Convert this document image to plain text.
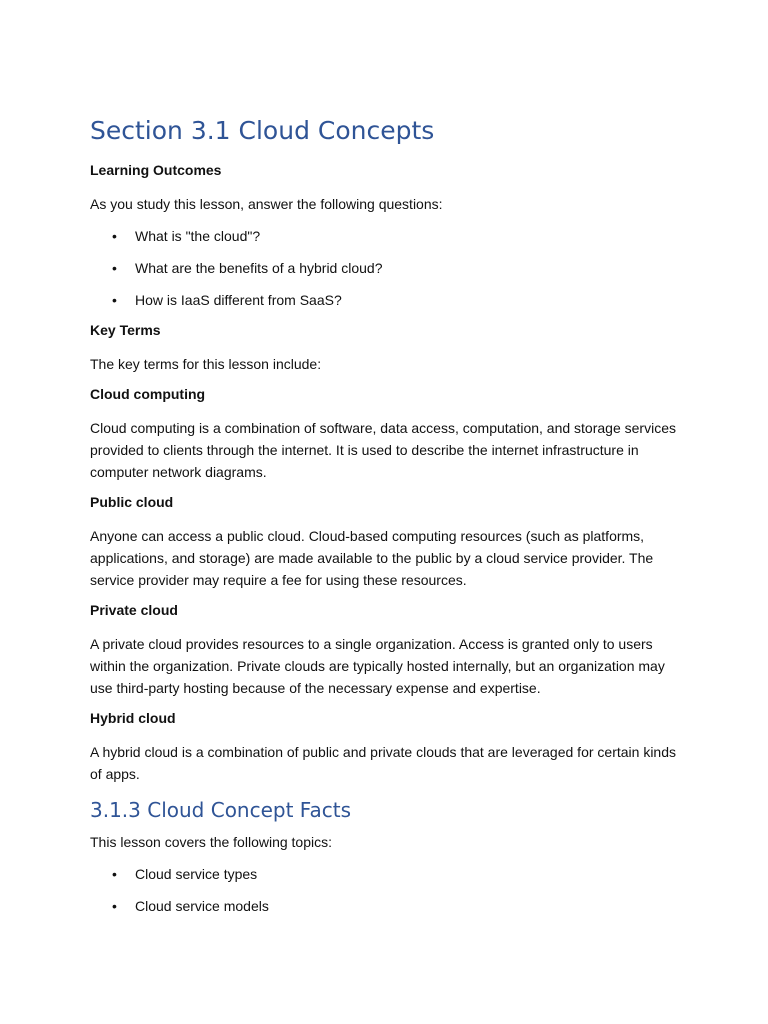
Section 3.1 Cloud Concepts
Learning Outcomes

As you study this lesson, answer the following questions:

• What is "the cloud"?
• What are the benefits of a hybrid cloud?
• How is IaaS different from SaaS?
Key Terms

The key terms for this lesson include:

Cloud computing

Cloud computing is a combination of software, data access, computation, and storage services provided to clients through the internet. It is used to describe the internet infrastructure in computer network diagrams.

Public cloud

Anyone can access a public cloud. Cloud-based computing resources (such as platforms, applications, and storage) are made available to the public by a cloud service provider. The service provider may require a fee for using these resources.

Private cloud

A private cloud provides resources to a single organization. Access is granted only to users within the organization. Private clouds are typically hosted internally, but an organization may use third-party hosting because of the necessary expense and expertise.

Hybrid cloud

A hybrid cloud is a combination of public and private clouds that are leveraged for certain kinds of apps.

3.1.3 Cloud Concept Facts

This lesson covers the following topics:

• Cloud service types
• Cloud service models
